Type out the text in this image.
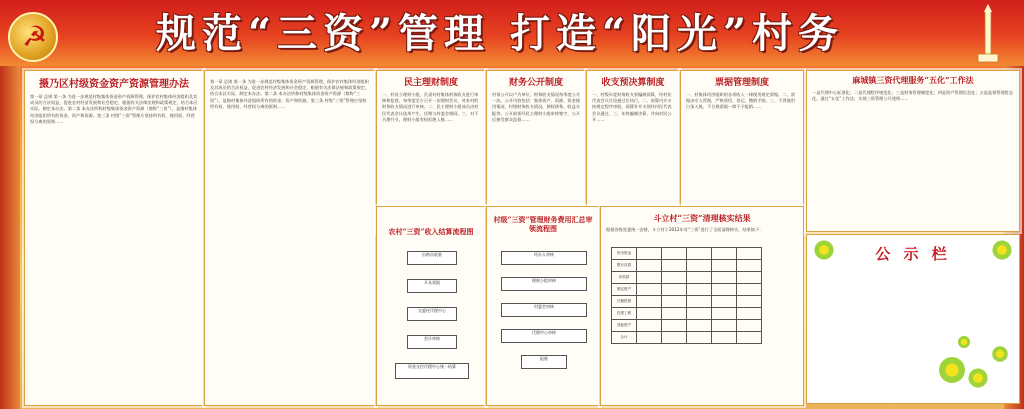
☭	规范“三资”管理 打造“阳光”村务
摄乃区村级资金资产资源管理办法
第一章 总则 第一条 为进一步规范村级集体资金资产资源管理，保护农村集体经济组织及其成员的合法权益，促进农村经济发展和社会稳定，根据有关法律法规和政策规定，结合本区实际，制定本办法。第二条 本办法所称村级集体资金资产资源（简称“三资”），是指村集体经济组织所有的资金、资产和资源。第三条 村级“三资”管理应坚持所有权、使用权、经营权分离的原则……
第一章 总则 第一条 为进一步规范村级集体资金资产资源管理，保护农村集体经济组织及其成员的合法权益，促进农村经济发展和社会稳定，根据有关法律法规和政策规定，结合本区实际，制定本办法。第二条 本办法所称村级集体资金资产资源（简称“三资”），是指村集体经济组织所有的资金、资产和资源。第三条 村级“三资”管理应坚持所有权、使用权、经营权分离的原则……
民主理财制度
一、村设立理财小组，负责对村集体财务收支进行审核和监督，每季度至少召开一次理财会议，对本村的财务收支情况进行审核。二、民主理财小组成员由村民代表会议选举产生，任期与村委会相同。三、对不合理开支，理财小组有权拒绝入账……
财务公开制度
村务公开以户为单位，财务收支情况每季度公开一次。公开内容包括：集体资产、资源、资金使用情况，村级财务收支情况，债权债务，收益分配等。公开前须经民主理财小组审核签字，公开后接受群众监督……
收支预决算制度
一、村级年度财务收支须编制预算，经村民代表会议讨论通过后执行。二、预算内开支按规定程序审批，预算外开支须经村民代表会议通过。三、年终编制决算，并向村民公开……
票据管理制度
一、村集体经济组织的各项收入一律使用规定票据。二、票据由专人管理，严格领用、登记、缴销手续。三、不得使用白条入账，不合规票据一律不予报销……
麻城镇三资代理服务“五化”工作法
一是代理中心标准化；二是代理程序规范化；三是财务管理制度化；四是资产管理信息化；五是监督管理常态化。通过“五化”工作法，实现三资管理公开透明……
农村“三资”收入结算流程图
出纳员收款
开具票据
交委托代理中心
会计审核
资金交付代理中心统一结算
村级“三资”管理财务费用汇总审领流程图
经办人审核
理财小组审核
村委会审核
代理中心审核
报账
斗立村“三资”清理核实结果
根据各级党委统一安排，斗立村于2012年对“三资”进行了全面清理核实，结果如下：
货币资金					
银行存款					
应收款					
固定资产					
长期投资					
在建工程					
其他资产					
合计					
公 示 栏
